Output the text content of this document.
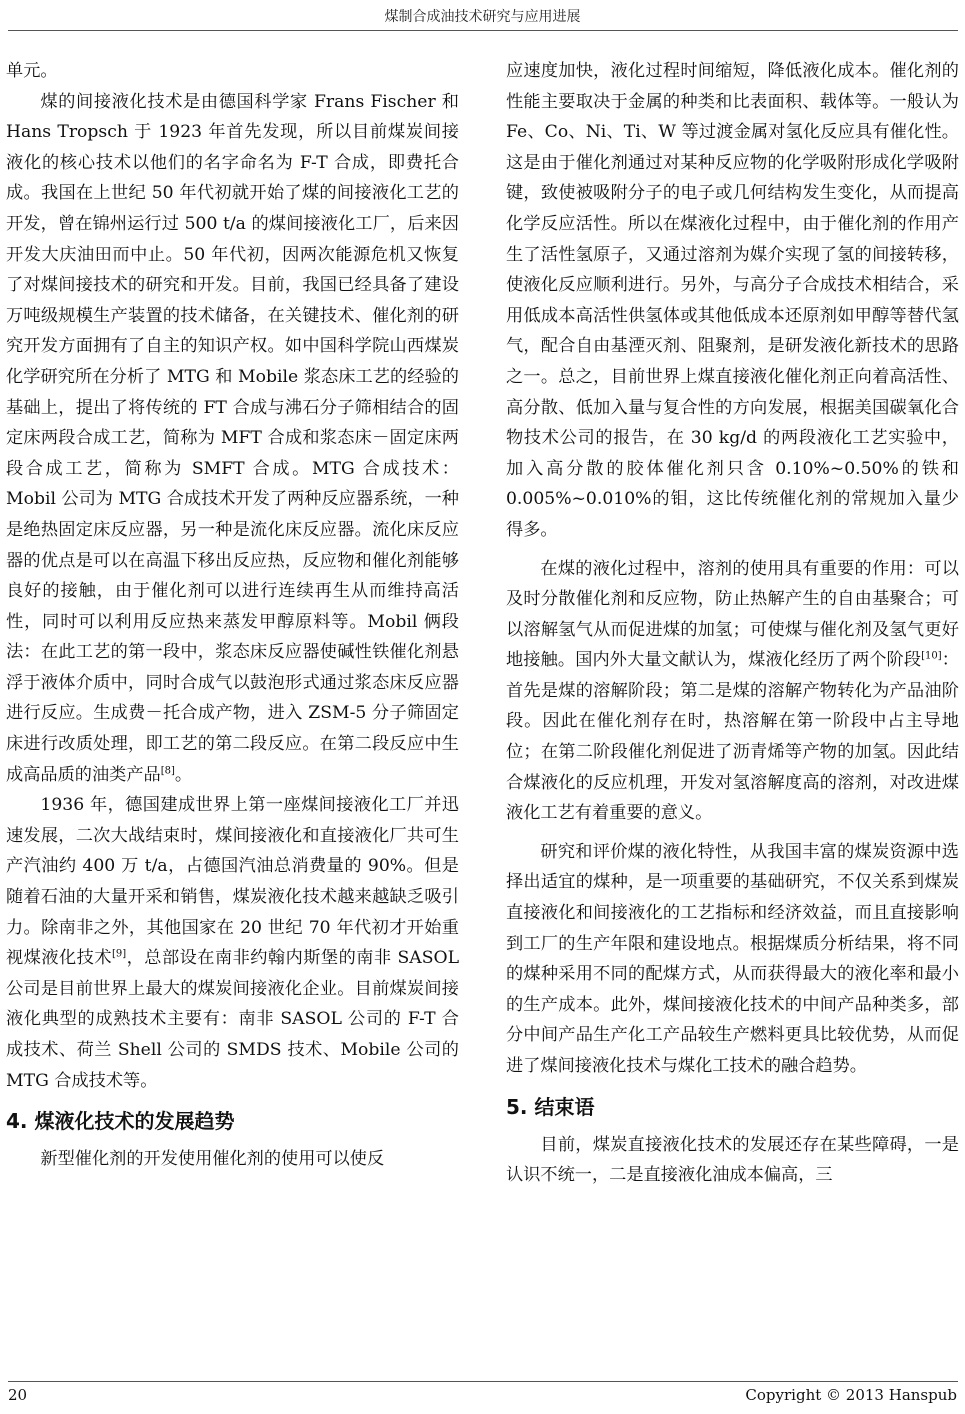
煤制合成油技术研究与应用进展

单元。

煤的间接液化技术是由德国科学家 Frans Fischer 和 Hans Tropsch 于 1923 年首先发现，所以目前煤炭间接液化的核心技术以他们的名字命名为 F-T 合成，即费托合成。我国在上世纪 50 年代初就开始了煤的间接液化工艺的开发，曾在锦州运行过 500 t/a 的煤间接液化工厂，后来因开发大庆油田而中止。50 年代初，因两次能源危机又恢复了对煤间接技术的研究和开发。目前，我国已经具备了建设万吨级规模生产装置的技术储备，在关键技术、催化剂的研究开发方面拥有了自主的知识产权。如中国科学院山西煤炭化学研究所在分析了 MTG 和 Mobile 浆态床工艺的经验的基础上，提出了将传统的 FT 合成与沸石分子筛相结合的固定床两段合成工艺，简称为 MFT 合成和浆态床－固定床两段合成工艺，简称为 SMFT 合成。MTG 合成技术：Mobil 公司为 MTG 合成技术开发了两种反应器系统，一种是绝热固定床反应器，另一种是流化床反应器。流化床反应器的优点是可以在高温下移出反应热，反应物和催化剂能够良好的接触，由于催化剂可以进行连续再生从而维持高活性，同时可以利用反应热来蒸发甲醇原料等。Mobil 俩段法：在此工艺的第一段中，浆态床反应器使碱性铁催化剂悬浮于液体介质中，同时合成气以鼓泡形式通过浆态床反应器进行反应。生成费－托合成产物，进入 ZSM-5 分子筛固定床进行改质处理，即工艺的第二段反应。在第二段反应中生成高品质的油类产品[8]。

1936 年，德国建成世界上第一座煤间接液化工厂并迅速发展，二次大战结束时，煤间接液化和直接液化厂共可生产汽油约 400 万 t/a，占德国汽油总消费量的 90%。但是随着石油的大量开采和销售，煤炭液化技术越来越缺乏吸引力。除南非之外，其他国家在 20 世纪 70 年代初才开始重视煤液化技术[9]，总部设在南非约翰内斯堡的南非 SASOL 公司是目前世界上最大的煤炭间接液化企业。目前煤炭间接液化典型的成熟技术主要有：南非 SASOL 公司的 F-T 合成技术、荷兰 Shell 公司的 SMDS 技术、Mobile 公司的 MTG 合成技术等。

4. 煤液化技术的发展趋势

新型催化剂的开发使用催化剂的使用可以使反

应速度加快，液化过程时间缩短，降低液化成本。催化剂的性能主要取决于金属的种类和比表面积、载体等。一般认为 Fe、Co、Ni、Ti、W 等过渡金属对氢化反应具有催化性。这是由于催化剂通过对某种反应物的化学吸附形成化学吸附键，致使被吸附分子的电子或几何结构发生变化，从而提高化学反应活性。所以在煤液化过程中，由于催化剂的作用产生了活性氢原子，又通过溶剂为媒介实现了氢的间接转移，使液化反应顺利进行。另外，与高分子合成技术相结合，采用低成本高活性供氢体或其他低成本还原剂如甲醇等替代氢气，配合自由基湮灭剂、阻聚剂，是研发液化新技术的思路之一。总之，目前世界上煤直接液化催化剂正向着高活性、高分散、低加入量与复合性的方向发展，根据美国碳氧化合物技术公司的报告，在 30 kg/d 的两段液化工艺实验中，加入高分散的胶体催化剂只含 0.10%~0.50%的铁和 0.005%~0.010%的钼，这比传统催化剂的常规加入量少得多。

在煤的液化过程中，溶剂的使用具有重要的作用：可以及时分散催化剂和反应物，防止热解产生的自由基聚合；可以溶解氢气从而促进煤的加氢；可使煤与催化剂及氢气更好地接触。国内外大量文献认为，煤液化经历了两个阶段[10]：首先是煤的溶解阶段；第二是煤的溶解产物转化为产品油阶段。因此在催化剂存在时，热溶解在第一阶段中占主导地位；在第二阶段催化剂促进了沥青烯等产物的加氢。因此结合煤液化的反应机理，开发对氢溶解度高的溶剂，对改进煤液化工艺有着重要的意义。

研究和评价煤的液化特性，从我国丰富的煤炭资源中选择出适宜的煤种，是一项重要的基础研究，不仅关系到煤炭直接液化和间接液化的工艺指标和经济效益，而且直接影响到工厂的生产年限和建设地点。根据煤质分析结果，将不同的煤种采用不同的配煤方式，从而获得最大的液化率和最小的生产成本。此外，煤间接液化技术的中间产品种类多，部分中间产品生产化工产品较生产燃料更具比较优势，从而促进了煤间接液化技术与煤化工技术的融合趋势。

5. 结束语

目前，煤炭直接液化技术的发展还存在某些障碍，一是认识不统一，二是直接液化油成本偏高，三

20	Copyright © 2013 Hanspub
